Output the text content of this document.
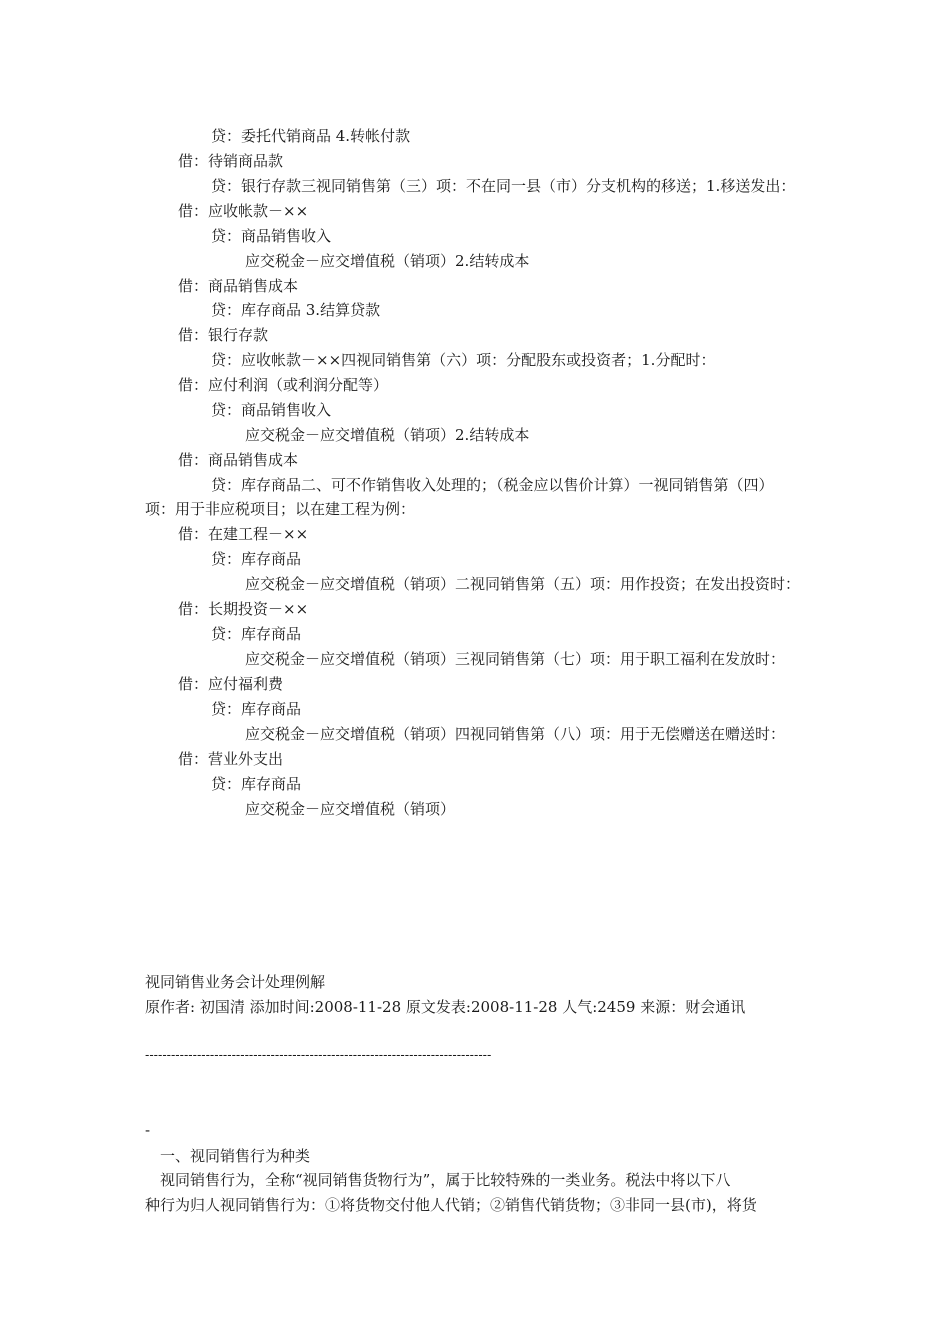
贷：委托代销商品 4.转帐付款
借：待销商品款
贷：银行存款三视同销售第（三）项：不在同一县（市）分支机构的移送；1.移送发出：
借：应收帐款－××
贷：商品销售收入
应交税金－应交增值税（销项）2.结转成本
借：商品销售成本
贷：库存商品 3.结算贷款
借：银行存款
贷：应收帐款－××四视同销售第（六）项：分配股东或投资者；1.分配时：
借：应付利润（或利润分配等）
贷：商品销售收入
应交税金－应交增值税（销项）2.结转成本
借：商品销售成本
贷：库存商品二、可不作销售收入处理的；（税金应以售价计算）一视同销售第（四）
项：用于非应税项目；以在建工程为例：
借：在建工程－××
贷：库存商品
应交税金－应交增值税（销项）二视同销售第（五）项：用作投资；在发出投资时：
借：长期投资－××
贷：库存商品
应交税金－应交增值税（销项）三视同销售第（七）项：用于职工福利在发放时：
借：应付福利费
贷：库存商品
应交税金－应交增值税（销项）四视同销售第（八）项：用于无偿赠送在赠送时：
借：营业外支出
贷：库存商品
应交税金－应交增值税（销项）
视同销售业务会计处理例解
原作者: 初国清 添加时间:2008-11-28 原文发表:2008-11-28 人气:2459 来源：财会通讯
--------------------------------------------------------------------------------
-
一、视同销售行为种类
视同销售行为，全称“视同销售货物行为”，属于比较特殊的一类业务。税法中将以下八
种行为归人视同销售行为：①将货物交付他人代销；②销售代销货物；③非同一县(市)，将货
